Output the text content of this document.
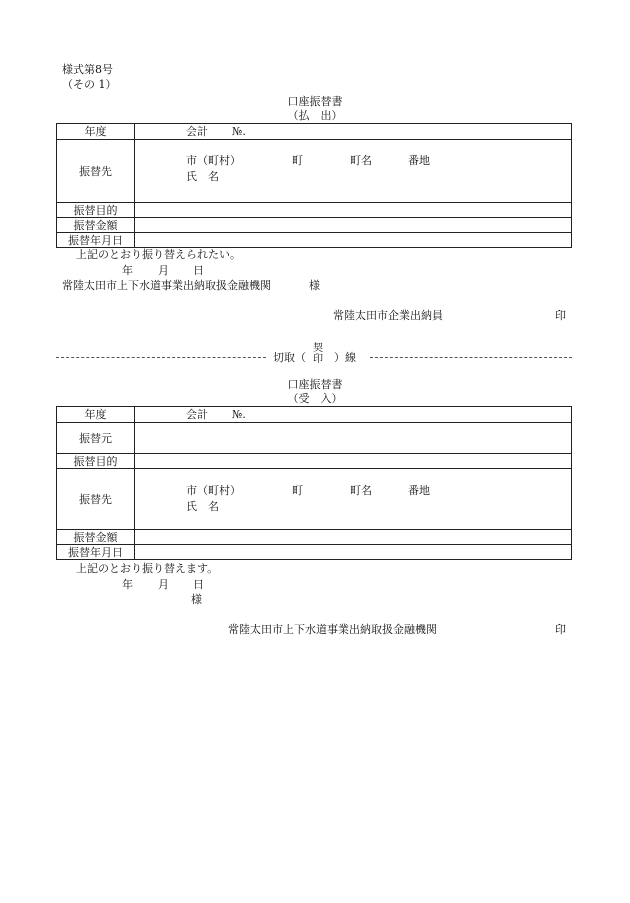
様式第8号
（その 1）
口座振替書
（払　出）
年度	会計 №.

振替先	市（町村） 町 町名 番地
氏　名

振替目的	
振替金額	
振替年月日	
上記のとおり振り替えられたい。
年 月 日
常陸太田市上下水道事業出納取扱金融機関	様
常陸太田市企業出納員	印
切取（
契
印 ）線
口座振替書
（受　入）
年度	会計 №.

振替元	
振替目的	
振替先	市（町村） 町 町名 番地
氏　名

振替金額	
振替年月日	
上記のとおり振り替えます。
年 月 日
様
常陸太田市上下水道事業出納取扱金融機関	印
